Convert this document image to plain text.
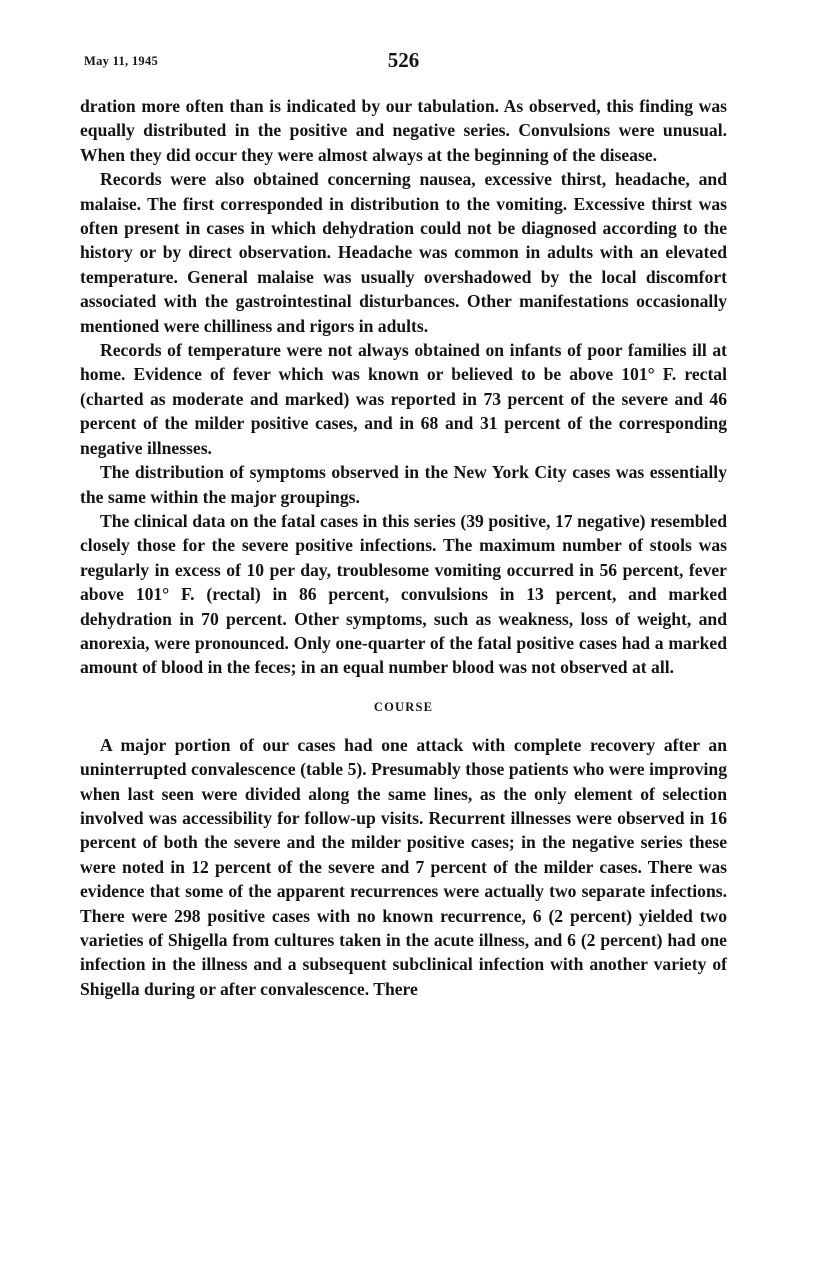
May 11, 1945	526

dration more often than is indicated by our tabulation. As observed, this finding was equally distributed in the positive and negative series. Convulsions were unusual. When they did occur they were almost always at the beginning of the disease.

Records were also obtained concerning nausea, excessive thirst, headache, and malaise. The first corresponded in distribution to the vomiting. Excessive thirst was often present in cases in which dehydration could not be diagnosed according to the history or by direct observation. Headache was common in adults with an elevated temperature. General malaise was usually overshadowed by the local discomfort associated with the gastrointestinal disturbances. Other manifestations occasionally mentioned were chilliness and rigors in adults.

Records of temperature were not always obtained on infants of poor families ill at home. Evidence of fever which was known or believed to be above 101° F. rectal (charted as moderate and marked) was reported in 73 percent of the severe and 46 percent of the milder positive cases, and in 68 and 31 percent of the corresponding negative illnesses.

The distribution of symptoms observed in the New York City cases was essentially the same within the major groupings.

The clinical data on the fatal cases in this series (39 positive, 17 negative) resembled closely those for the severe positive infections. The maximum number of stools was regularly in excess of 10 per day, troublesome vomiting occurred in 56 percent, fever above 101° F. (rectal) in 86 percent, convulsions in 13 percent, and marked dehydration in 70 percent. Other symptoms, such as weakness, loss of weight, and anorexia, were pronounced. Only one-quarter of the fatal positive cases had a marked amount of blood in the feces; in an equal number blood was not observed at all.

COURSE

A major portion of our cases had one attack with complete recovery after an uninterrupted convalescence (table 5). Presumably those patients who were improving when last seen were divided along the same lines, as the only element of selection involved was accessibility for follow-up visits. Recurrent illnesses were observed in 16 percent of both the severe and the milder positive cases; in the negative series these were noted in 12 percent of the severe and 7 percent of the milder cases. There was evidence that some of the apparent recurrences were actually two separate infections. There were 298 positive cases with no known recurrence, 6 (2 percent) yielded two varieties of Shigella from cultures taken in the acute illness, and 6 (2 percent) had one infection in the illness and a subsequent subclinical infection with another variety of Shigella during or after convalescence. There
